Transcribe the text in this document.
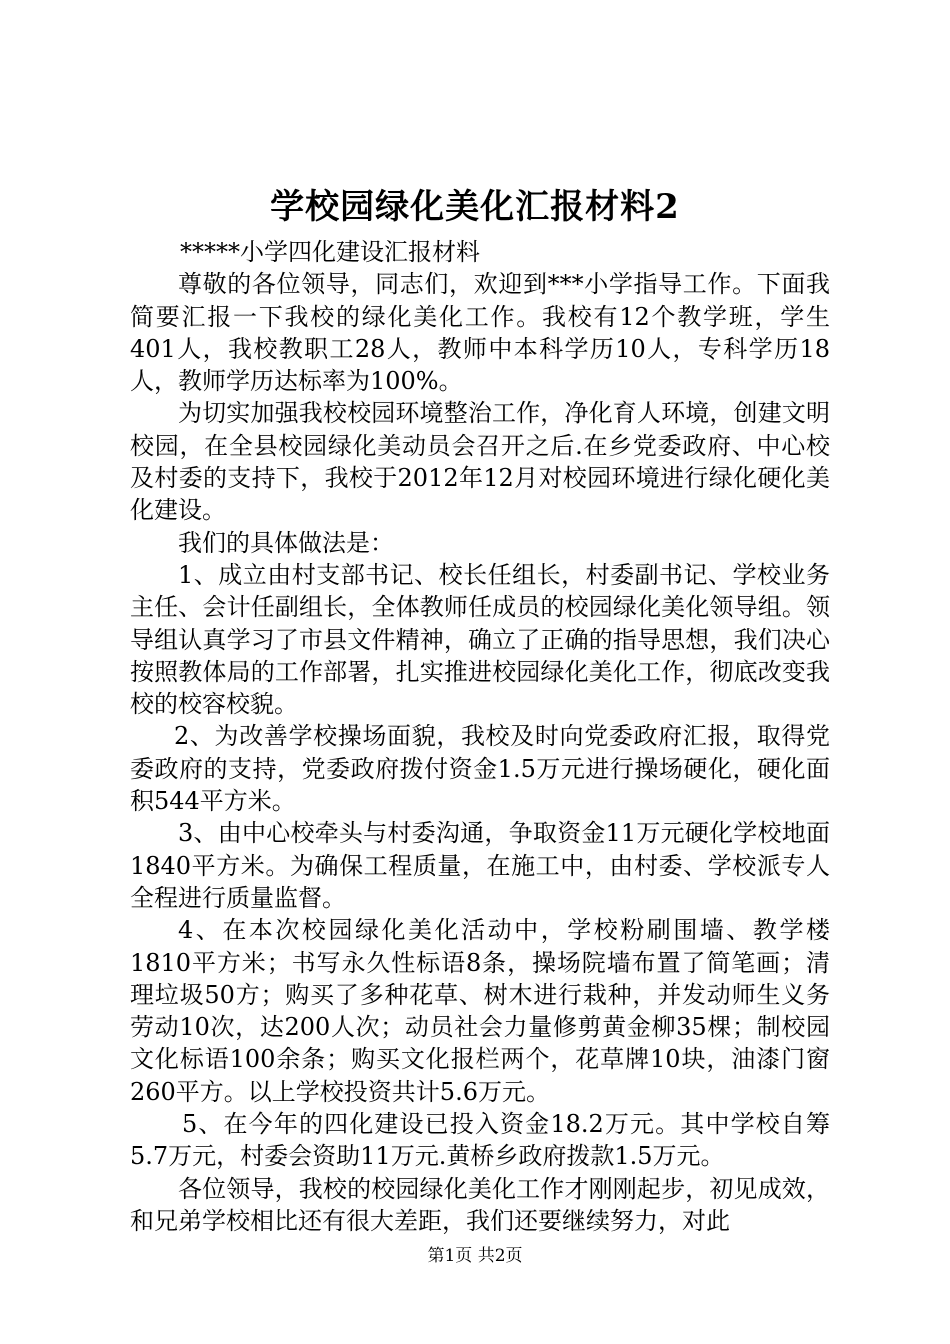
学校园绿化美化汇报材料2

*****小学四化建设汇报材料

尊敬的各位领导，同志们，欢迎到***小学指导工作。下面我简要汇报一下我校的绿化美化工作。我校有12个教学班，学生401人，我校教职工28人，教师中本科学历10人，专科学历18人，教师学历达标率为100%。

为切实加强我校校园环境整治工作，净化育人环境，创建文明校园，在全县校园绿化美动员会召开之后.在乡党委政府、中心校及村委的支持下，我校于2012年12月对校园环境进行绿化硬化美化建设。

我们的具体做法是：

1、成立由村支部书记、校长任组长，村委副书记、学校业务主任、会计任副组长，全体教师任成员的校园绿化美化领导组。领导组认真学习了市县文件精神，确立了正确的指导思想，我们决心按照教体局的工作部署，扎实推进校园绿化美化工作，彻底改变我校的校容校貌。

2、为改善学校操场面貌，我校及时向党委政府汇报，取得党委政府的支持，党委政府拨付资金1.5万元进行操场硬化，硬化面积544平方米。

3、由中心校牵头与村委沟通，争取资金11万元硬化学校地面1840平方米。为确保工程质量，在施工中，由村委、学校派专人全程进行质量监督。

4、在本次校园绿化美化活动中，学校粉刷围墙、教学楼1810平方米；书写永久性标语8条，操场院墙布置了简笔画；清理垃圾50方；购买了多种花草、树木进行栽种，并发动师生义务劳动10次，达200人次；动员社会力量修剪黄金柳35棵；制校园文化标语100余条；购买文化报栏两个，花草牌10块，油漆门窗260平方。以上学校投资共计5.6万元。

5、在今年的四化建设已投入资金18.2万元。其中学校自筹5.7万元，村委会资助11万元.黄桥乡政府拨款1.5万元。

各位领导，我校的校园绿化美化工作才刚刚起步，初见成效，和兄弟学校相比还有很大差距，我们还要继续努力，对此

第1页 共2页
